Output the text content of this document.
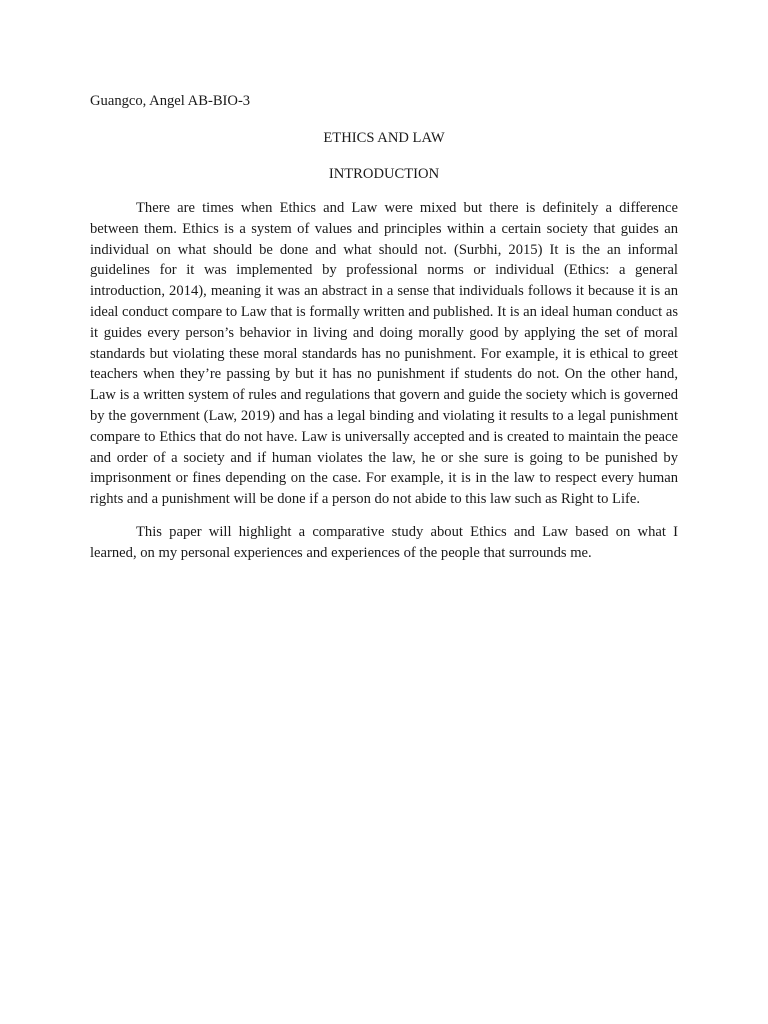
Guangco, Angel AB-BIO-3

ETHICS AND LAW

INTRODUCTION

There are times when Ethics and Law were mixed but there is definitely a difference between them. Ethics is a system of values and principles within a certain society that guides an individual on what should be done and what should not. (Surbhi, 2015) It is the an informal guidelines for it was implemented by professional norms or individual (Ethics: a general introduction, 2014), meaning it was an abstract in a sense that individuals follows it because it is an ideal conduct compare to Law that is formally written and published. It is an ideal human conduct as it guides every person’s behavior in living and doing morally good by applying the set of moral standards but violating these moral standards has no punishment. For example, it is ethical to greet teachers when they’re passing by but it has no punishment if students do not. On the other hand, Law is a written system of rules and regulations that govern and guide the society which is governed by the government (Law, 2019) and has a legal binding and violating it results to a legal punishment compare to Ethics that do not have. Law is universally accepted and is created to maintain the peace and order of a society and if human violates the law, he or she sure is going to be punished by imprisonment or fines depending on the case. For example, it is in the law to respect every human rights and a punishment will be done if a person do not abide to this law such as Right to Life.

This paper will highlight a comparative study about Ethics and Law based on what I learned, on my personal experiences and experiences of the people that surrounds me.
